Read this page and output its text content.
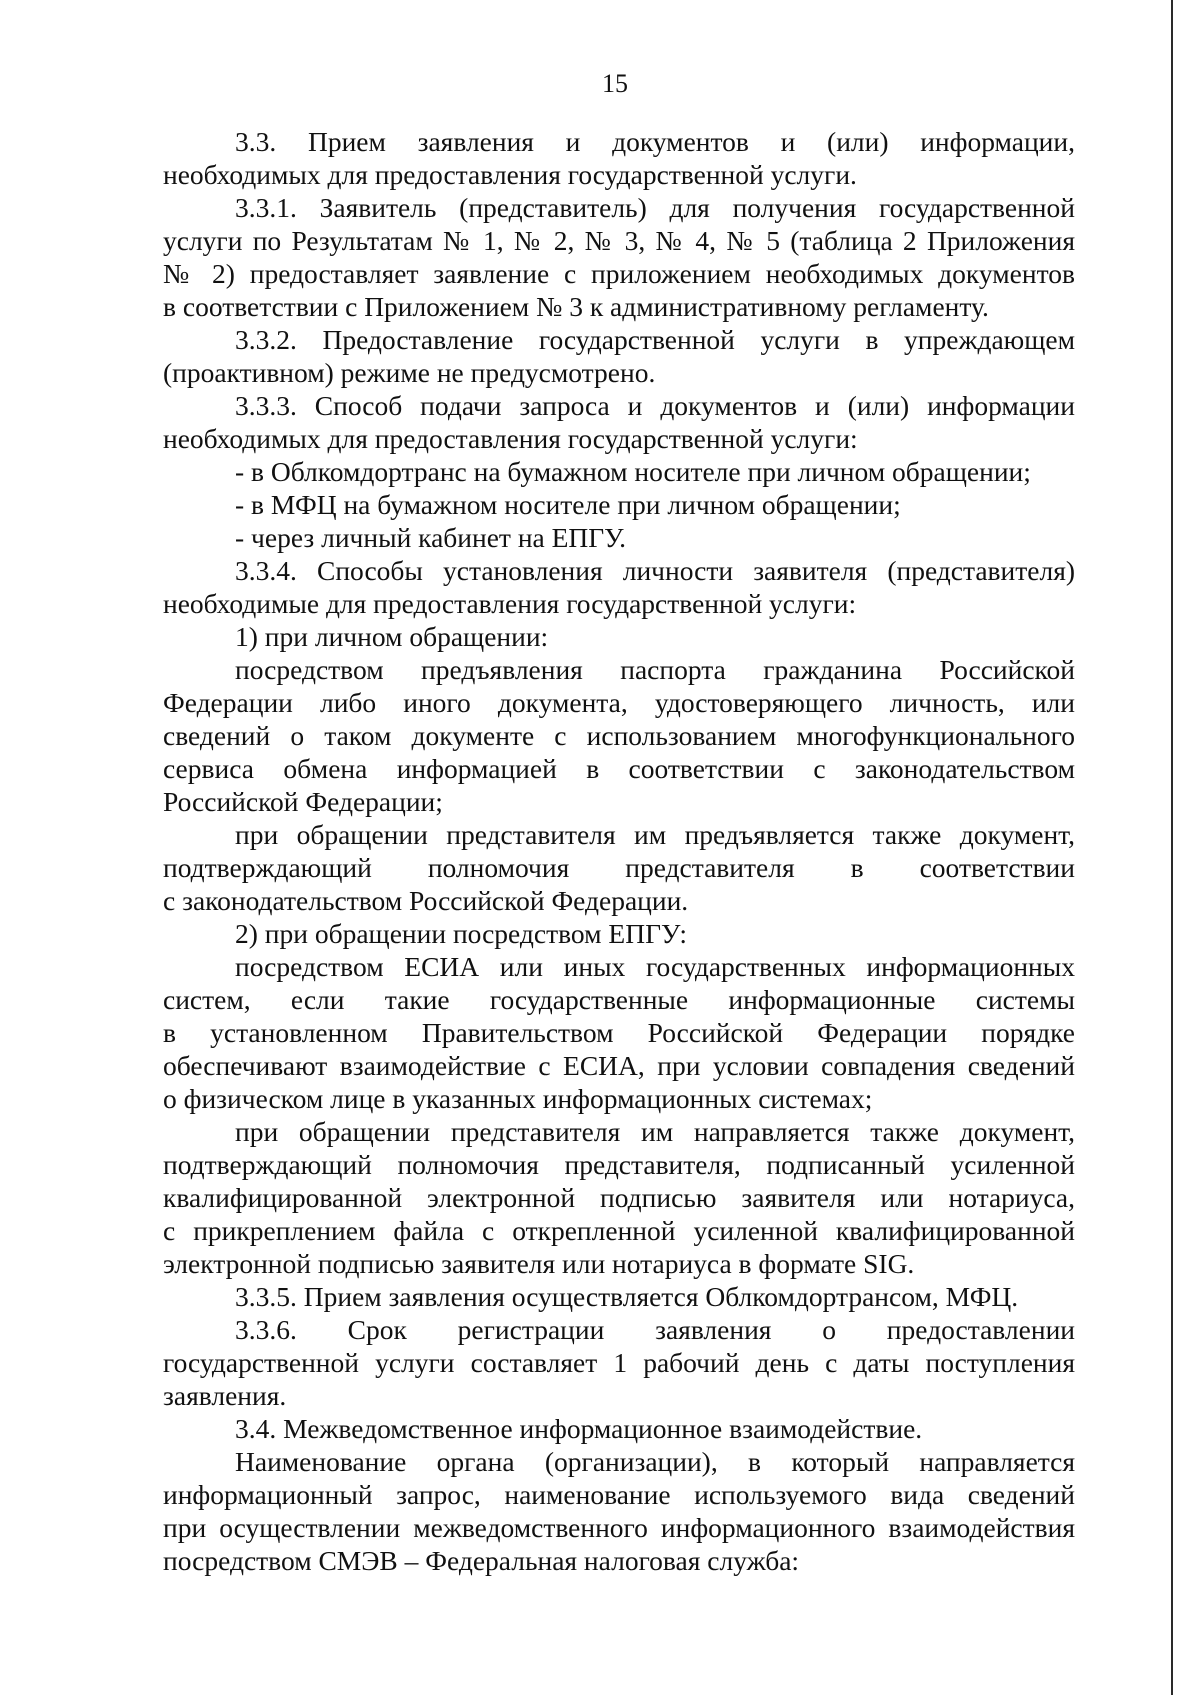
15
3.3. Прием заявления и документов и (или) информации,
необходимых для предоставления государственной услуги.
3.3.1. Заявитель (представитель) для получения государственной
услуги по Результатам № 1, № 2, № 3, № 4, № 5 (таблица 2 Приложения
№ 2) предоставляет заявление с приложением необходимых документов
в соответствии с Приложением № 3 к административному регламенту.
3.3.2. Предоставление государственной услуги в упреждающем
(проактивном) режиме не предусмотрено.
3.3.3. Способ подачи запроса и документов и (или) информации
необходимых для предоставления государственной услуги:
- в Облкомдортранс на бумажном носителе при личном обращении;
- в МФЦ на бумажном носителе при личном обращении;
- через личный кабинет на ЕПГУ.
3.3.4. Способы установления личности заявителя (представителя)
необходимые для предоставления государственной услуги:
1) при личном обращении:
посредством предъявления паспорта гражданина Российской
Федерации либо иного документа, удостоверяющего личность, или
сведений о таком документе с использованием многофункционального
сервиса обмена информацией в соответствии с законодательством
Российской Федерации;
при обращении представителя им предъявляется также документ,
подтверждающий полномочия представителя в соответствии
с законодательством Российской Федерации.
2) при обращении посредством ЕПГУ:
посредством ЕСИА или иных государственных информационных
систем, если такие государственные информационные системы
в установленном Правительством Российской Федерации порядке
обеспечивают взаимодействие с ЕСИА, при условии совпадения сведений
о физическом лице в указанных информационных системах;
при обращении представителя им направляется также документ,
подтверждающий полномочия представителя, подписанный усиленной
квалифицированной электронной подписью заявителя или нотариуса,
с прикреплением файла с открепленной усиленной квалифицированной
электронной подписью заявителя или нотариуса в формате SIG.
3.3.5. Прием заявления осуществляется Облкомдортрансом, МФЦ.
3.3.6. Срок регистрации заявления о предоставлении
государственной услуги составляет 1 рабочий день с даты поступления
заявления.
3.4. Межведомственное информационное взаимодействие.
Наименование органа (организации), в который направляется
информационный запрос, наименование используемого вида сведений
при осуществлении межведомственного информационного взаимодействия
посредством СМЭВ – Федеральная налоговая служба:
